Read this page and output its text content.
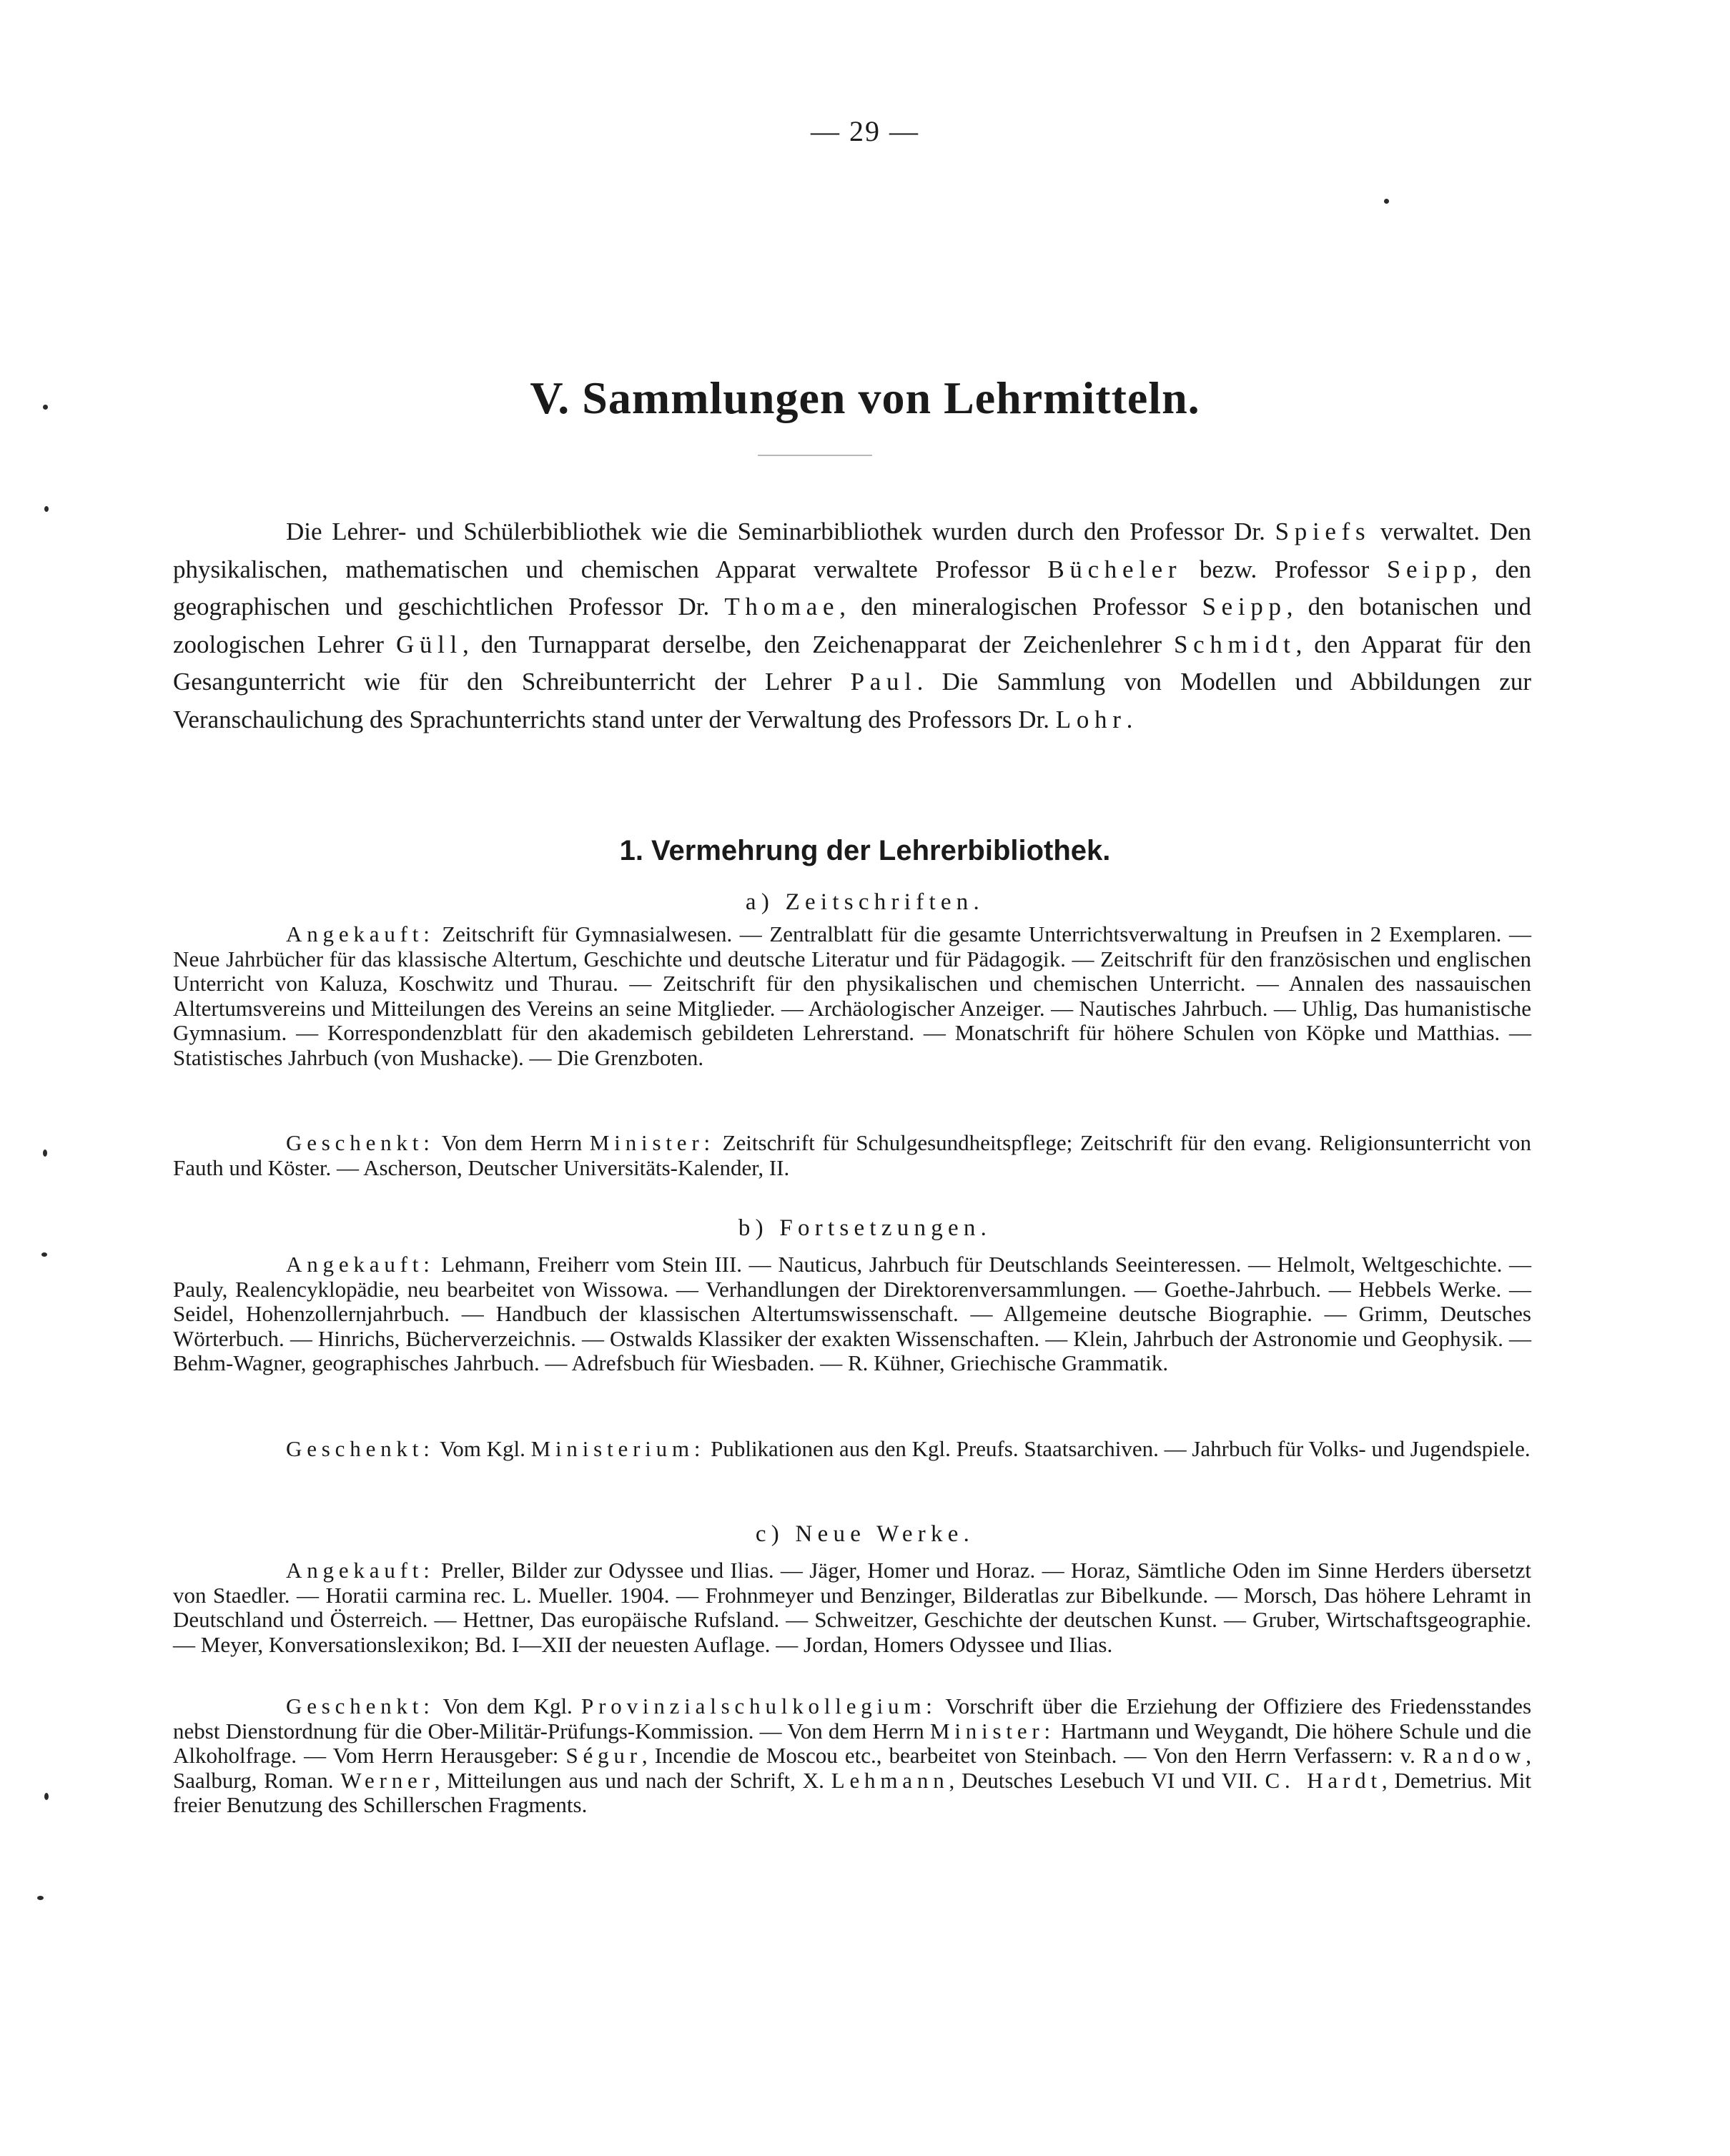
— 29 —
V. Sammlungen von Lehrmitteln.
Die Lehrer- und Schülerbibliothek wie die Seminarbibliothek wurden durch den Professor Dr. Spiefs verwaltet. Den physikalischen, mathematischen und chemischen Apparat verwaltete Professor Bücheler bezw. Professor Seipp, den geographischen und geschichtlichen Professor Dr. Thomae, den mineralogischen Professor Seipp, den botanischen und zoologischen Lehrer Güll, den Turnapparat derselbe, den Zeichenapparat der Zeichenlehrer Schmidt, den Apparat für den Gesangunterricht wie für den Schreibunterricht der Lehrer Paul. Die Sammlung von Modellen und Abbildungen zur Veranschaulichung des Sprachunterrichts stand unter der Verwaltung des Professors Dr. Lohr.
1. Vermehrung der Lehrerbibliothek.
a) Zeitschriften.
Angekauft: Zeitschrift für Gymnasialwesen. — Zentralblatt für die gesamte Unterrichtsverwaltung in Preufsen in 2 Exemplaren. — Neue Jahrbücher für das klassische Altertum, Geschichte und deutsche Literatur und für Pädagogik. — Zeitschrift für den französischen und englischen Unterricht von Kaluza, Koschwitz und Thurau. — Zeitschrift für den physikalischen und chemischen Unterricht. — Annalen des nassauischen Altertumsvereins und Mitteilungen des Vereins an seine Mitglieder. — Archäologischer Anzeiger. — Nautisches Jahrbuch. — Uhlig, Das humanistische Gymnasium. — Korrespondenzblatt für den akademisch gebildeten Lehrerstand. — Monatschrift für höhere Schulen von Köpke und Matthias. — Statistisches Jahrbuch (von Mushacke). — Die Grenzboten.
Geschenkt: Von dem Herrn Minister: Zeitschrift für Schulgesundheitspflege; Zeitschrift für den evang. Religionsunterricht von Fauth und Köster. — Ascherson, Deutscher Universitäts-Kalender, II.
b) Fortsetzungen.
Angekauft: Lehmann, Freiherr vom Stein III. — Nauticus, Jahrbuch für Deutschlands Seeinteressen. — Helmolt, Weltgeschichte. — Pauly, Realencyklopädie, neu bearbeitet von Wissowa. — Verhandlungen der Direktorenversammlungen. — Goethe-Jahrbuch. — Hebbels Werke. — Seidel, Hohenzollernjahrbuch. — Handbuch der klassischen Altertumswissenschaft. — Allgemeine deutsche Biographie. — Grimm, Deutsches Wörterbuch. — Hinrichs, Bücherverzeichnis. — Ostwalds Klassiker der exakten Wissenschaften. — Klein, Jahrbuch der Astronomie und Geophysik. — Behm-Wagner, geographisches Jahrbuch. — Adrefsbuch für Wiesbaden. — R. Kühner, Griechische Grammatik.
Geschenkt: Vom Kgl. Ministerium: Publikationen aus den Kgl. Preufs. Staatsarchiven. — Jahrbuch für Volks- und Jugendspiele.
c) Neue Werke.
Angekauft: Preller, Bilder zur Odyssee und Ilias. — Jäger, Homer und Horaz. — Horaz, Sämtliche Oden im Sinne Herders übersetzt von Staedler. — Horatii carmina rec. L. Mueller. 1904. — Frohnmeyer und Benzinger, Bilderatlas zur Bibelkunde. — Morsch, Das höhere Lehramt in Deutschland und Österreich. — Hettner, Das europäische Rufsland. — Schweitzer, Geschichte der deutschen Kunst. — Gruber, Wirtschaftsgeographie. — Meyer, Konversationslexikon; Bd. I—XII der neuesten Auflage. — Jordan, Homers Odyssee und Ilias.
Geschenkt: Von dem Kgl. Provinzialschulkollegium: Vorschrift über die Erziehung der Offiziere des Friedensstandes nebst Dienstordnung für die Ober-Militär-Prüfungs-Kommission. — Von dem Herrn Minister: Hartmann und Weygandt, Die höhere Schule und die Alkoholfrage. — Vom Herrn Herausgeber: Ségur, Incendie de Moscou etc., bearbeitet von Steinbach. — Von den Herrn Verfassern: v. Randow, Saalburg, Roman. Werner, Mitteilungen aus und nach der Schrift, X. Lehmann, Deutsches Lesebuch VI und VII. C. Hardt, Demetrius. Mit freier Benutzung des Schillerschen Fragments.
